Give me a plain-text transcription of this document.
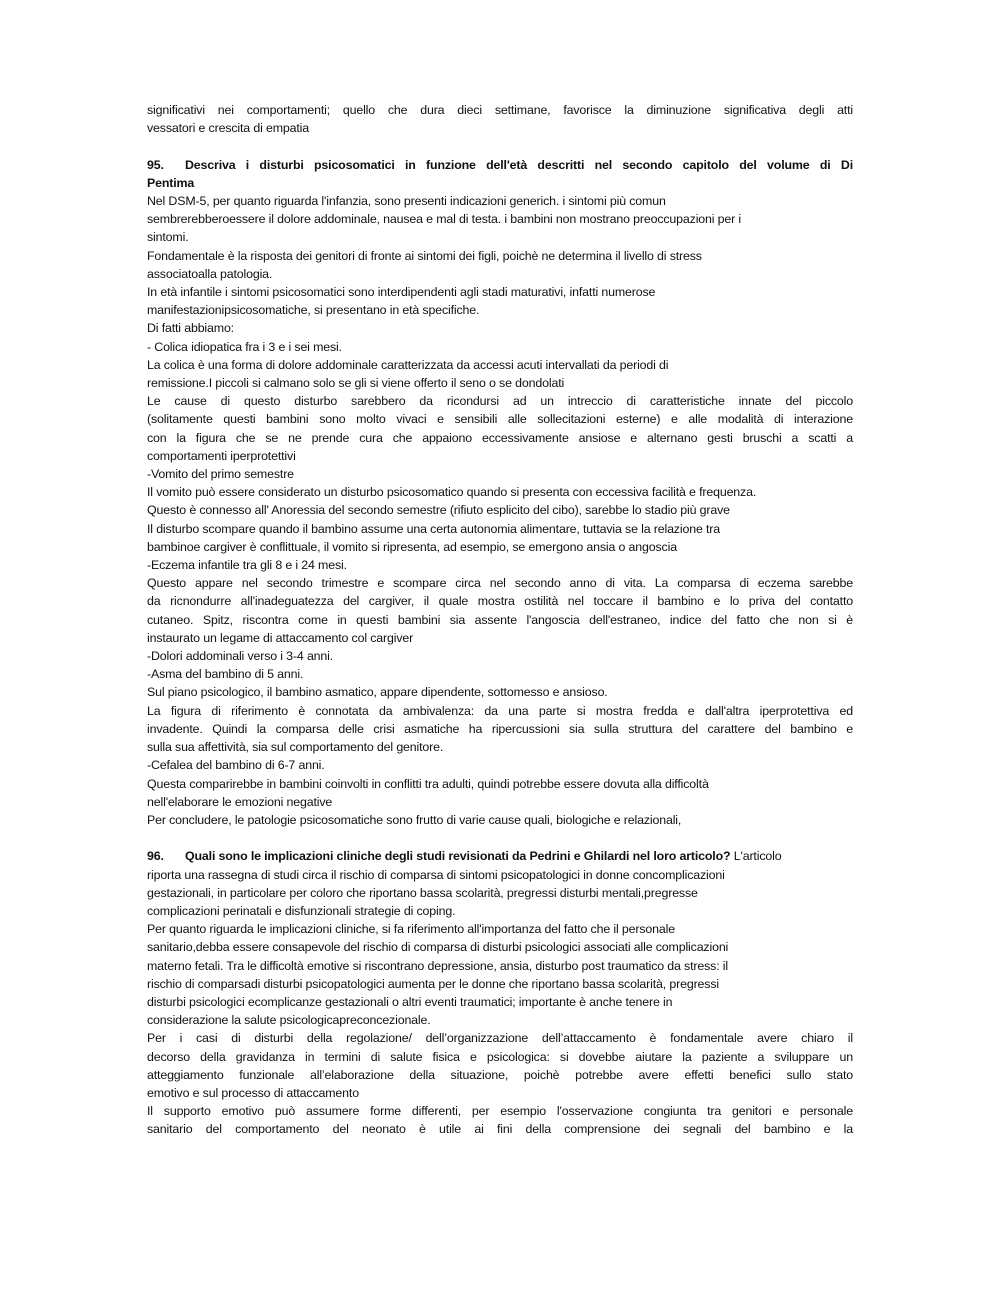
significativi nei comportamenti; quello che dura dieci settimane, favorisce la diminuzione significativa degli atti
vessatori e crescita di empatia
95. Descriva i disturbi psicosomatici in funzione dell'età descritti nel secondo capitolo del volume di Di
Pentima
Nel DSM-5, per quanto riguarda l'infanzia, sono presenti indicazioni generich. i sintomi più comun
sembrerebberoessere il dolore addominale, nausea e mal di testa. i bambini non mostrano preoccupazioni per i
sintomi.
Fondamentale è la risposta dei genitori di fronte ai sintomi dei figli, poichè ne determina il livello di stress
associatoalla patologia.
In età infantile i sintomi psicosomatici sono interdipendenti agli stadi maturativi, infatti numerose
manifestazionipsicosomatiche, si presentano in età specifiche.
Di fatti abbiamo:
- Colica idiopatica fra i 3 e i sei mesi.
La colica è una forma di dolore addominale caratterizzata da accessi acuti intervallati da periodi di
remissione.I piccoli si calmano solo se gli si viene offerto il seno o se dondolati
Le cause di questo disturbo sarebbero da ricondursi ad un intreccio di caratteristiche innate del piccolo
(solitamente questi bambini sono molto vivaci e sensibili alle sollecitazioni esterne) e alle modalità di interazione
con la figura che se ne prende cura che appaiono eccessivamente ansiose e alternano gesti bruschi a scatti a
comportamenti iperprotettivi
-Vomito del primo semestre
Il vomito può essere considerato un disturbo psicosomatico quando si presenta con eccessiva facilità e frequenza.
Questo è connesso all' Anoressia del secondo semestre (rifiuto esplicito del cibo), sarebbe lo stadio più grave
Il disturbo scompare quando il bambino assume una certa autonomia alimentare, tuttavia se la relazione tra
bambinoe cargiver è conflittuale, il vomito si ripresenta, ad esempio, se emergono ansia o angoscia
-Eczema infantile tra gli 8 e i 24 mesi.
Questo appare nel secondo trimestre e scompare circa nel secondo anno di vita. La comparsa di eczema sarebbe
da ricnondurre all'inadeguatezza del cargiver, il quale mostra ostilità nel toccare il bambino e lo priva del contatto
cutaneo. Spitz, riscontra come in questi bambini sia assente l'angoscia dell'estraneo, indice del fatto che non si è
instaurato un legame di attaccamento col cargiver
-Dolori addominali verso i 3-4 anni.
-Asma del bambino di 5 anni.
Sul piano psicologico, il bambino asmatico, appare dipendente, sottomesso e ansioso.
La figura di riferimento è connotata da ambivalenza: da una parte si mostra fredda e dall'altra iperprotettiva ed
invadente. Quindi la comparsa delle crisi asmatiche ha ripercussioni sia sulla struttura del carattere del bambino e
sulla sua affettività, sia sul comportamento del genitore.
-Cefalea del bambino di 6-7 anni.
Questa comparirebbe in bambini coinvolti in conflitti tra adulti, quindi potrebbe essere dovuta alla difficoltà
nell'elaborare le emozioni negative
Per concludere, le patologie psicosomatiche sono frutto di varie cause quali, biologiche e relazionali,
96. Quali sono le implicazioni cliniche degli studi revisionati da Pedrini e Ghilardi nel loro articolo? L'articolo
riporta una rassegna di studi circa il rischio di comparsa di sintomi psicopatologici in donne concomplicazioni
gestazionali, in particolare per coloro che riportano bassa scolarità, pregressi disturbi mentali,pregresse
complicazioni perinatali e disfunzionali strategie di coping.
Per quanto riguarda le implicazioni cliniche, si fa riferimento all'importanza del fatto che il personale
sanitario,debba essere consapevole del rischio di comparsa di disturbi psicologici associati alle complicazioni
materno fetali. Tra le difficoltà emotive si riscontrano depressione, ansia, disturbo post traumatico da stress: il
rischio di comparsadi disturbi psicopatologici aumenta per le donne che riportano bassa scolarità, pregressi
disturbi psicologici ecomplicanze gestazionali o altri eventi traumatici; importante è anche tenere in
considerazione la salute psicologicapreconcezionale.
Per i casi di disturbi della regolazione/ dell’organizzazione dell’attaccamento è fondamentale avere chiaro il
decorso della gravidanza in termini di salute fisica e psicologica: si dovebbe aiutare la paziente a sviluppare un
atteggiamento funzionale all’elaborazione della situazione, poichè potrebbe avere effetti benefici sullo stato
emotivo e sul processo di attaccamento
Il supporto emotivo può assumere forme differenti, per esempio l'osservazione congiunta tra genitori e personale
sanitario del comportamento del neonato è utile ai fini della comprensione dei segnali del bambino e la
